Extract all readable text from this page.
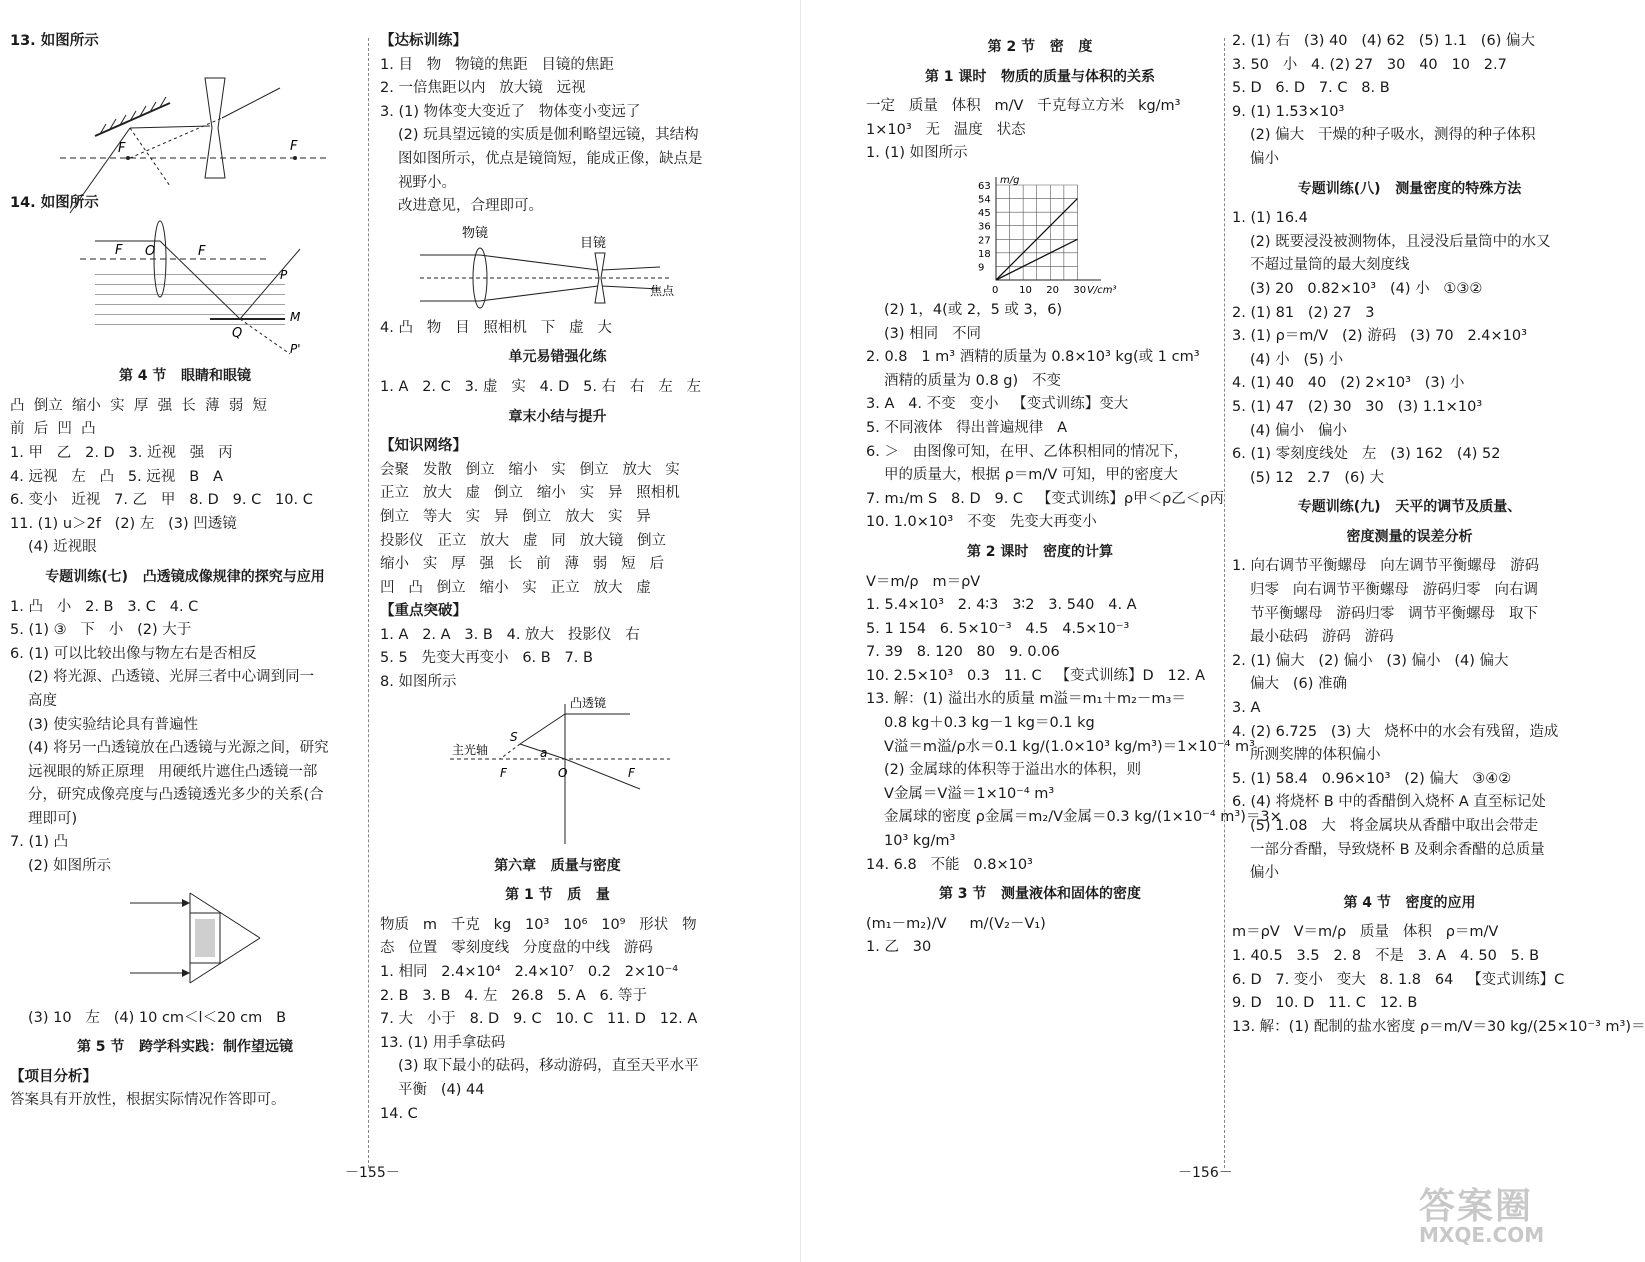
13. 如图所示
F	F
14. 如图所示
F O	F
Q
P
M
P'
第 4 节   眼睛和眼镜
凸  倒立  缩小  实  厚  强  长  薄  弱  短
前  后  凹  凸
1. 甲   乙   2. D   3. 近视   强   丙
4. 远视   左   凸   5. 远视   B   A
6. 变小   近视   7. 乙   甲   8. D   9. C   10. C
11. (1) u＞2f   (2) 左   (3) 凹透镜
(4) 近视眼
专题训练(七)   凸透镜成像规律的探究与应用
1. 凸   小   2. B   3. C   4. C
5. (1) ③   下   小   (2) 大于
6. (1) 可以比较出像与物左右是否相反
(2) 将光源、凸透镜、光屏三者中心调到同一
高度
(3) 使实验结论具有普遍性
(4) 将另一凸透镜放在凸透镜与光源之间，研究
远视眼的矫正原理   用硬纸片遮住凸透镜一部
分，研究成像亮度与凸透镜透光多少的关系(合
理即可)
7. (1) 凸
(2) 如图所示
(3) 10   左   (4) 10 cm＜l＜20 cm   B
第 5 节   跨学科实践：制作望远镜
【项目分析】
答案具有开放性，根据实际情况作答即可。
【达标训练】
1. 目   物   物镜的焦距   目镜的焦距
2. 一倍焦距以内   放大镜   远视
3. (1) 物体变大变近了   物体变小变远了
(2) 玩具望远镜的实质是伽利略望远镜，其结构
图如图所示，优点是镜筒短，能成正像，缺点是
视野小。
改进意见，合理即可。
物镜
目镜
焦点
4. 凸   物   目   照相机   下   虚   大
单元易错强化练
1. A   2. C   3. 虚   实   4. D   5. 右   右   左   左
章末小结与提升
【知识网络】
会聚   发散   倒立   缩小   实   倒立   放大   实
正立   放大   虚   倒立   缩小   实   异   照相机
倒立   等大   实   异   倒立   放大   实   异
投影仪   正立   放大   虚   同   放大镜   倒立
缩小   实   厚   强   长   前   薄   弱   短   后
凹   凸   倒立   缩小   实   正立   放大   虚
【重点突破】
1. A   2. A   3. B   4. 放大   投影仪   右
5. 5   先变大再变小   6. B   7. B
8. 如图所示
凸透镜
主光轴
S
a
O
F	F
第六章   质量与密度
第 1 节   质   量
物质   m   千克   kg   10³   10⁶   10⁹   形状   物
态   位置   零刻度线   分度盘的中线   游码
1. 相同   2.4×10⁴   2.4×10⁷   0.2   2×10⁻⁴
2. B   3. B   4. 左   26.8   5. A   6. 等于
7. 大   小于   8. D   9. C   10. C   11. D   12. A
13. (1) 用手拿砝码
(3) 取下最小的砝码，移动游码，直至天平水平
平衡   (4) 44
14. C
第 2 节   密   度
第 1 课时   物质的质量与体积的关系
一定   质量   体积   m/V   千克每立方米   kg/m³
1×10³   无   温度   状态
1. (1) 如图所示
63
54
45
36
27
18
9
0 10 20 30
m/g
V/cm³
(2) 1，4(或 2，5 或 3，6)
(3) 相同   不同
2. 0.8   1 m³ 酒精的质量为 0.8×10³ kg(或 1 cm³
酒精的质量为 0.8 g)   不变
3. A   4. 不变   变小   【变式训练】变大
5. 不同液体   得出普遍规律   A
6. ＞   由图像可知，在甲、乙体积相同的情况下，
甲的质量大，根据 ρ＝m/V 可知，甲的密度大
7. m₁/m S   8. D   9. C   【变式训练】ρ甲＜ρ乙＜ρ丙
10. 1.0×10³   不变   先变大再变小
第 2 课时   密度的计算
V＝m/ρ   m＝ρV
1. 5.4×10³   2. 4∶3   3∶2   3. 540   4. A
5. 1 154   6. 5×10⁻³   4.5   4.5×10⁻³
7. 39   8. 120   80   9. 0.06
10. 2.5×10³   0.3   11. C   【变式训练】D   12. A
13. 解：(1) 溢出水的质量 m溢＝m₁＋m₂－m₃＝
0.8 kg＋0.3 kg－1 kg＝0.1 kg
V溢＝m溢/ρ水＝0.1 kg/(1.0×10³ kg/m³)＝1×10⁻⁴ m³
(2) 金属球的体积等于溢出水的体积，则
V金属＝V溢＝1×10⁻⁴ m³
金属球的密度 ρ金属＝m₂/V金属＝0.3 kg/(1×10⁻⁴ m³)＝3×
10³ kg/m³
14. 6.8   不能   0.8×10³
第 3 节   测量液体和固体的密度
(m₁－m₂)/V     m/(V₂－V₁)
1. 乙   30
2. (1) 右   (3) 40   (4) 62   (5) 1.1   (6) 偏大
3. 50   小   4. (2) 27   30   40   10   2.7
5. D   6. D   7. C   8. B
9. (1) 1.53×10³
(2) 偏大   干燥的种子吸水，测得的种子体积
偏小
专题训练(八)   测量密度的特殊方法
1. (1) 16.4
(2) 既要浸没被测物体，且浸没后量筒中的水又
不超过量筒的最大刻度线
(3) 20   0.82×10³   (4) 小   ①③②
2. (1) 81   (2) 27   3
3. (1) ρ＝m/V   (2) 游码   (3) 70   2.4×10³
(4) 小   (5) 小
4. (1) 40   40   (2) 2×10³   (3) 小
5. (1) 47   (2) 30   30   (3) 1.1×10³
(4) 偏小   偏小
6. (1) 零刻度线处   左   (3) 162   (4) 52
(5) 12   2.7   (6) 大
专题训练(九)   天平的调节及质量、
密度测量的误差分析
1. 向右调节平衡螺母   向左调节平衡螺母   游码
归零   向右调节平衡螺母   游码归零   向右调
节平衡螺母   游码归零   调节平衡螺母   取下
最小砝码   游码   游码
2. (1) 偏大   (2) 偏小   (3) 偏小   (4) 偏大
偏大   (6) 准确
3. A
4. (2) 6.725   (3) 大   烧杯中的水会有残留，造成
所测奖牌的体积偏小
5. (1) 58.4   0.96×10³   (2) 偏大   ③④②
6. (4) 将烧杯 B 中的香醋倒入烧杯 A 直至标记处
(5) 1.08   大   将金属块从香醋中取出会带走
一部分香醋，导致烧杯 B 及剩余香醋的总质量
偏小
第 4 节   密度的应用
m＝ρV   V＝m/ρ   质量   体积   ρ＝m/V
1. 40.5   3.5   2. 8   不是   3. A   4. 50   5. B
6. D   7. 变小   变大   8. 1.8   64   【变式训练】C
9. D   10. D   11. C   12. B
13. 解：(1) 配制的盐水密度 ρ＝m/V＝30 kg/(25×10⁻³ m³)＝
－155－	－156－
答案圈
MXQE.COM
